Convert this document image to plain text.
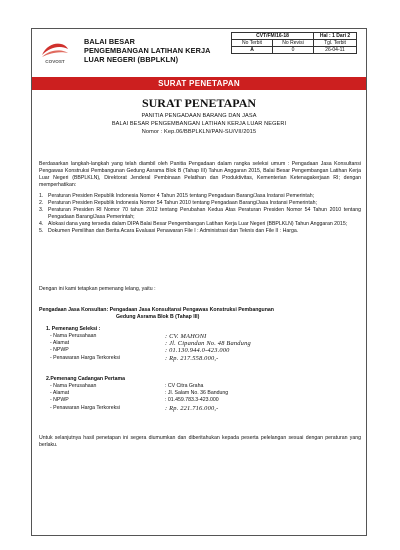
COVOST
BALAI BESAR
PENGEMBANGAN LATIHAN KERJA
LUAR NEGERI (BBPLKLN)
CVT/FM/16-18		Hal : 1 Dari 2
No Terbit	No Revisi	Tgl. Terbit
A	0	26-04-11
SURAT PENETAPAN
SURAT PENETAPAN
PANITIA PENGADAAN BARANG DAN JASA
BALAI BESAR PENGEMBANGAN LATIHAN KERJA LUAR NEGERI
Nomor : Kep.06/BBPLKLN/PAN-SU/VII/2015
Berdasarkan langkah-langkah yang telah diambil oleh Panitia Pengadaan dalam rangka seleksi umum : Pengadaan Jasa Konsultansi Pengawas Konstruksi Pembangunan Gedung Asrama Blok B (Tahap III) Tahun Anggaran 2015, Balai Besar Pengembangan Latihan Kerja Luar Negeri (BBPLKLN), Direktorat Jenderal Pembinaan Pelatihan dan Produktivitas, Kementerian Ketenagakerjaan RI; dengan memperhatikan:
1. Peraturan Presiden Republik Indonesia Nomor 4 Tahun 2015 tentang Pengadaan Barang/Jasa Instansi Pemerintah;
2. Peraturan Presiden Republik Indonesia Nomor 54 Tahun 2010 tentang Pengadaan Barang/Jasa Instansi Pemerintah;
3. Peraturan Presiden RI Nomor 70 tahun 2012 tentang Perubahan Kedua Atas Peraturan Presiden Nomor 54 Tahun 2010 tentang Pengadaan Barang/Jasa Pemerintah;
4. Alokasi dana yang tersedia dalam DIPA Balai Besar Pengembangan Latihan Kerja Luar Negeri (BBPLKLN) Tahun Anggaran 2015;
5. Dokumen Pemilihan dan Berita Acara Evaluasi Penawaran File I : Administrasi dan Teknis dan File II : Harga.
Dengan ini kami tetapkan pemenang lelang, yaitu :
Pengadaan Jasa Konsultan: Pengadaan Jasa Konsultansi Pengawas Konstruksi Pembangunan
Gedung Asrama Blok B (Tahap III)
1. Pemenang Seleksi :
- Nama Perusahaan	: CV. MAHONI
- Alamat	: Jl. Cipandan No. 48 Bandung
- NPWP	: 01.130.944.0-423.000
- Penawaran Harga Terkoreksi	: Rp. 217.558.000,-
2.Pemenang Cadangan Pertama
- Nama Perusahaan	: CV Citra Graha
- Alamat	: Jl. Salam No. 36 Bandung
- NPWP	: 01.459.783.3-423.000
- Penawaran Harga Terkoreksi	: Rp. 221.716.000,-
Untuk selanjutnya hasil penetapan ini segera diumumkan dan diberitahukan kepada peserta pelelangan sesuai dengan peraturan yang berlaku.
